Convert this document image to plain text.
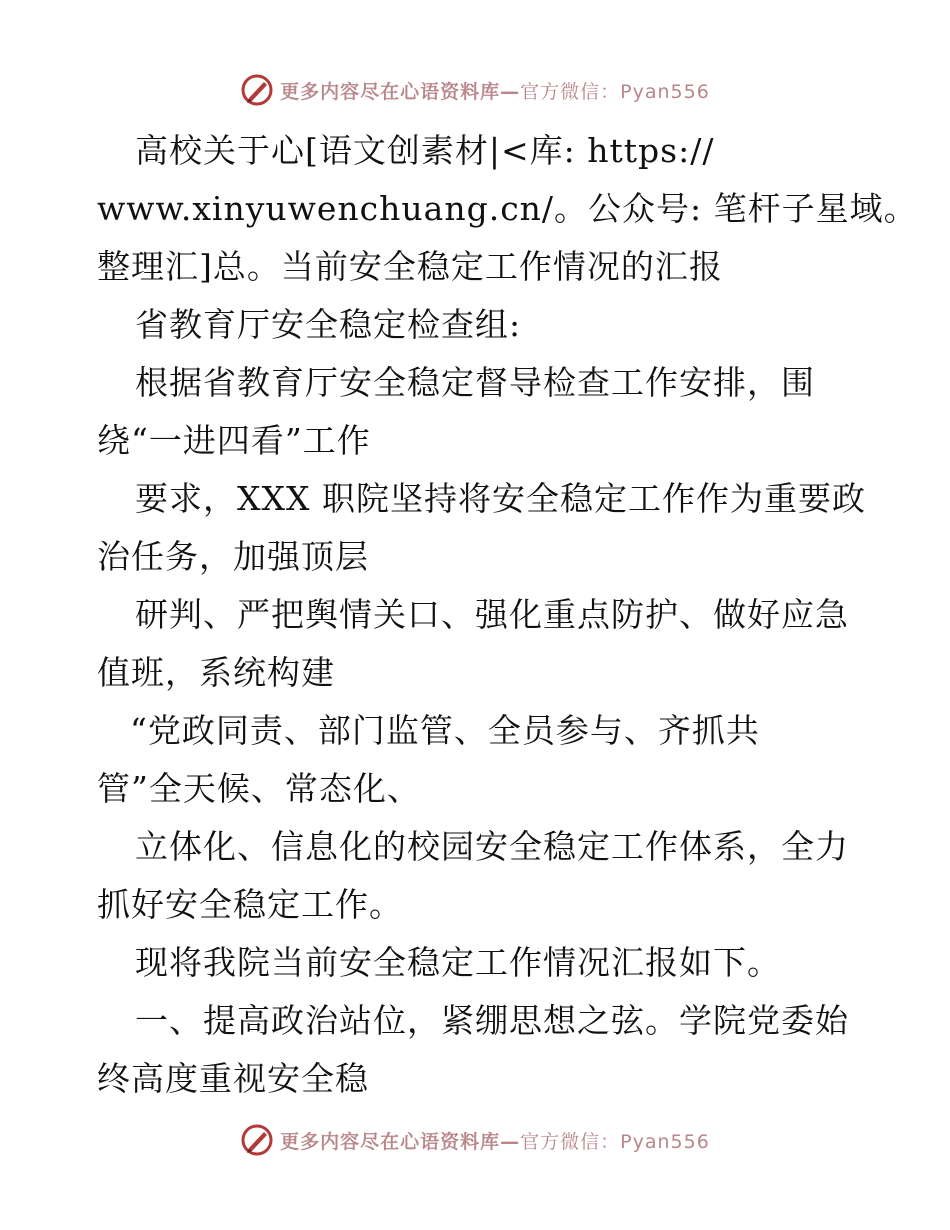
更多内容尽在心语资料库—官方微信：Pyan556
高校关于心[语文创素材|<库: https://
www.xinyuwenchuang.cn/。公众号: 笔杆子星域。
整理汇]总。当前安全稳定工作情况的汇报
省教育厅安全稳定检查组:
根据省教育厅安全稳定督导检查工作安排，围
绕“一进四看”工作
要求，XXX 职院坚持将安全稳定工作作为重要政
治任务，加强顶层
研判、严把舆情关口、强化重点防护、做好应急
值班，系统构建
“党政同责、部门监管、全员参与、齐抓共
管”全天候、常态化、
立体化、信息化的校园安全稳定工作体系，全力
抓好安全稳定工作。
现将我院当前安全稳定工作情况汇报如下。
一、提高政治站位，紧绷思想之弦。学院党委始
终高度重视安全稳
更多内容尽在心语资料库—官方微信：Pyan556
